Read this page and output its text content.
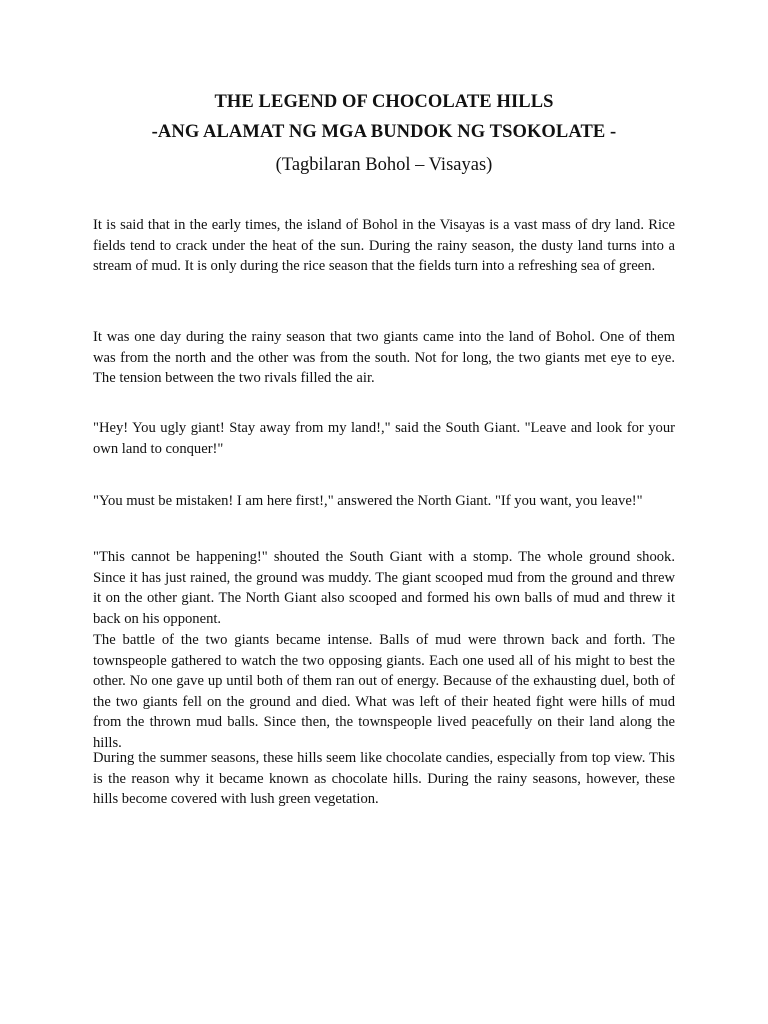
THE LEGEND OF CHOCOLATE HILLS
-ANG ALAMAT NG MGA BUNDOK NG TSOKOLATE -
(Tagbilaran Bohol – Visayas)

It is said that in the early times, the island of Bohol in the Visayas is a vast mass of dry land. Rice fields tend to crack under the heat of the sun. During the rainy season, the dusty land turns into a stream of mud. It is only during the rice season that the fields turn into a refreshing sea of green.

It was one day during the rainy season that two giants came into the land of Bohol. One of them was from the north and the other was from the south. Not for long, the two giants met eye to eye. The tension between the two rivals filled the air.

"Hey! You ugly giant! Stay away from my land!," said the South Giant. "Leave and look for your own land to conquer!"

"You must be mistaken! I am here first!," answered the North Giant. "If you want, you leave!"

"This cannot be happening!" shouted the South Giant with a stomp. The whole ground shook. Since it has just rained, the ground was muddy. The giant scooped mud from the ground and threw it on the other giant. The North Giant also scooped and formed his own balls of mud and threw it back on his opponent.

The battle of the two giants became intense. Balls of mud were thrown back and forth. The townspeople gathered to watch the two opposing giants. Each one used all of his might to best the other. No one gave up until both of them ran out of energy. Because of the exhausting duel, both of the two giants fell on the ground and died. What was left of their heated fight were hills of mud from the thrown mud balls. Since then, the townspeople lived peacefully on their land along the hills.

During the summer seasons, these hills seem like chocolate candies, especially from top view. This is the reason why it became known as chocolate hills. During the rainy seasons, however, these hills become covered with lush green vegetation.
